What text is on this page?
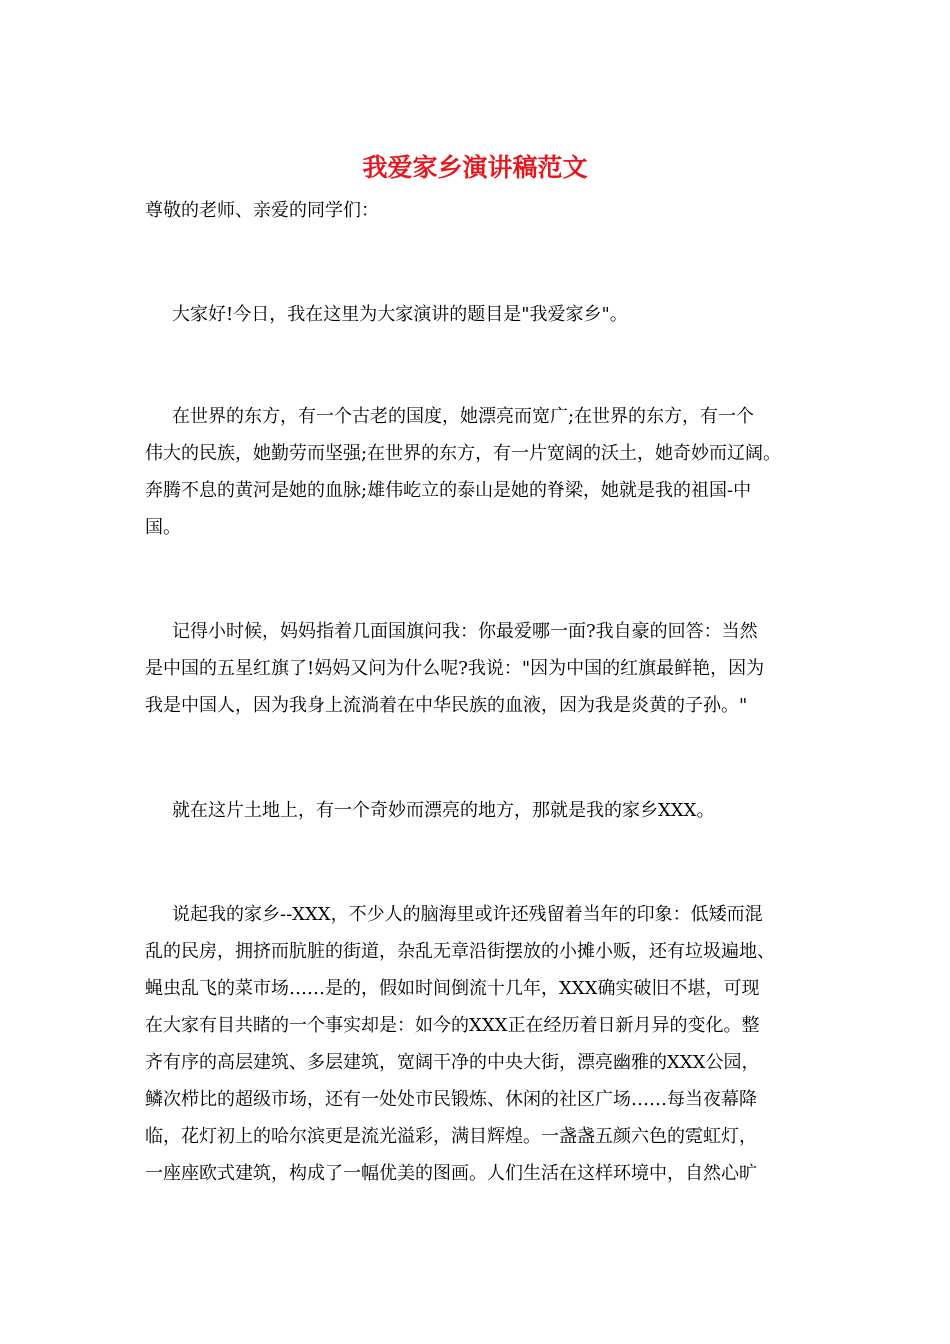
我爱家乡演讲稿范文
尊敬的老师、亲爱的同学们：
大家好!今日，我在这里为大家演讲的题目是"我爱家乡"。
在世界的东方，有一个古老的国度，她漂亮而宽广;在世界的东方，有一个
伟大的民族，她勤劳而坚强;在世界的东方，有一片宽阔的沃土，她奇妙而辽阔。
奔腾不息的黄河是她的血脉;雄伟屹立的泰山是她的脊梁，她就是我的祖国-中
国。
记得小时候，妈妈指着几面国旗问我：你最爱哪一面?我自豪的回答：当然
是中国的五星红旗了!妈妈又问为什么呢?我说："因为中国的红旗最鲜艳，因为
我是中国人，因为我身上流淌着在中华民族的血液，因为我是炎黄的子孙。"
就在这片土地上，有一个奇妙而漂亮的地方，那就是我的家乡XXX。
说起我的家乡--XXX，不少人的脑海里或许还残留着当年的印象：低矮而混
乱的民房，拥挤而肮脏的街道，杂乱无章沿街摆放的小摊小贩，还有垃圾遍地、
蝇虫乱飞的菜市场……是的，假如时间倒流十几年，XXX确实破旧不堪，可现
在大家有目共睹的一个事实却是：如今的XXX正在经历着日新月异的变化。整
齐有序的高层建筑、多层建筑，宽阔干净的中央大街，漂亮幽雅的XXX公园，
鳞次栉比的超级市场，还有一处处市民锻炼、休闲的社区广场……每当夜幕降
临，花灯初上的哈尔滨更是流光溢彩，满目辉煌。一盏盏五颜六色的霓虹灯，
一座座欧式建筑，构成了一幅优美的图画。人们生活在这样环境中，自然心旷
